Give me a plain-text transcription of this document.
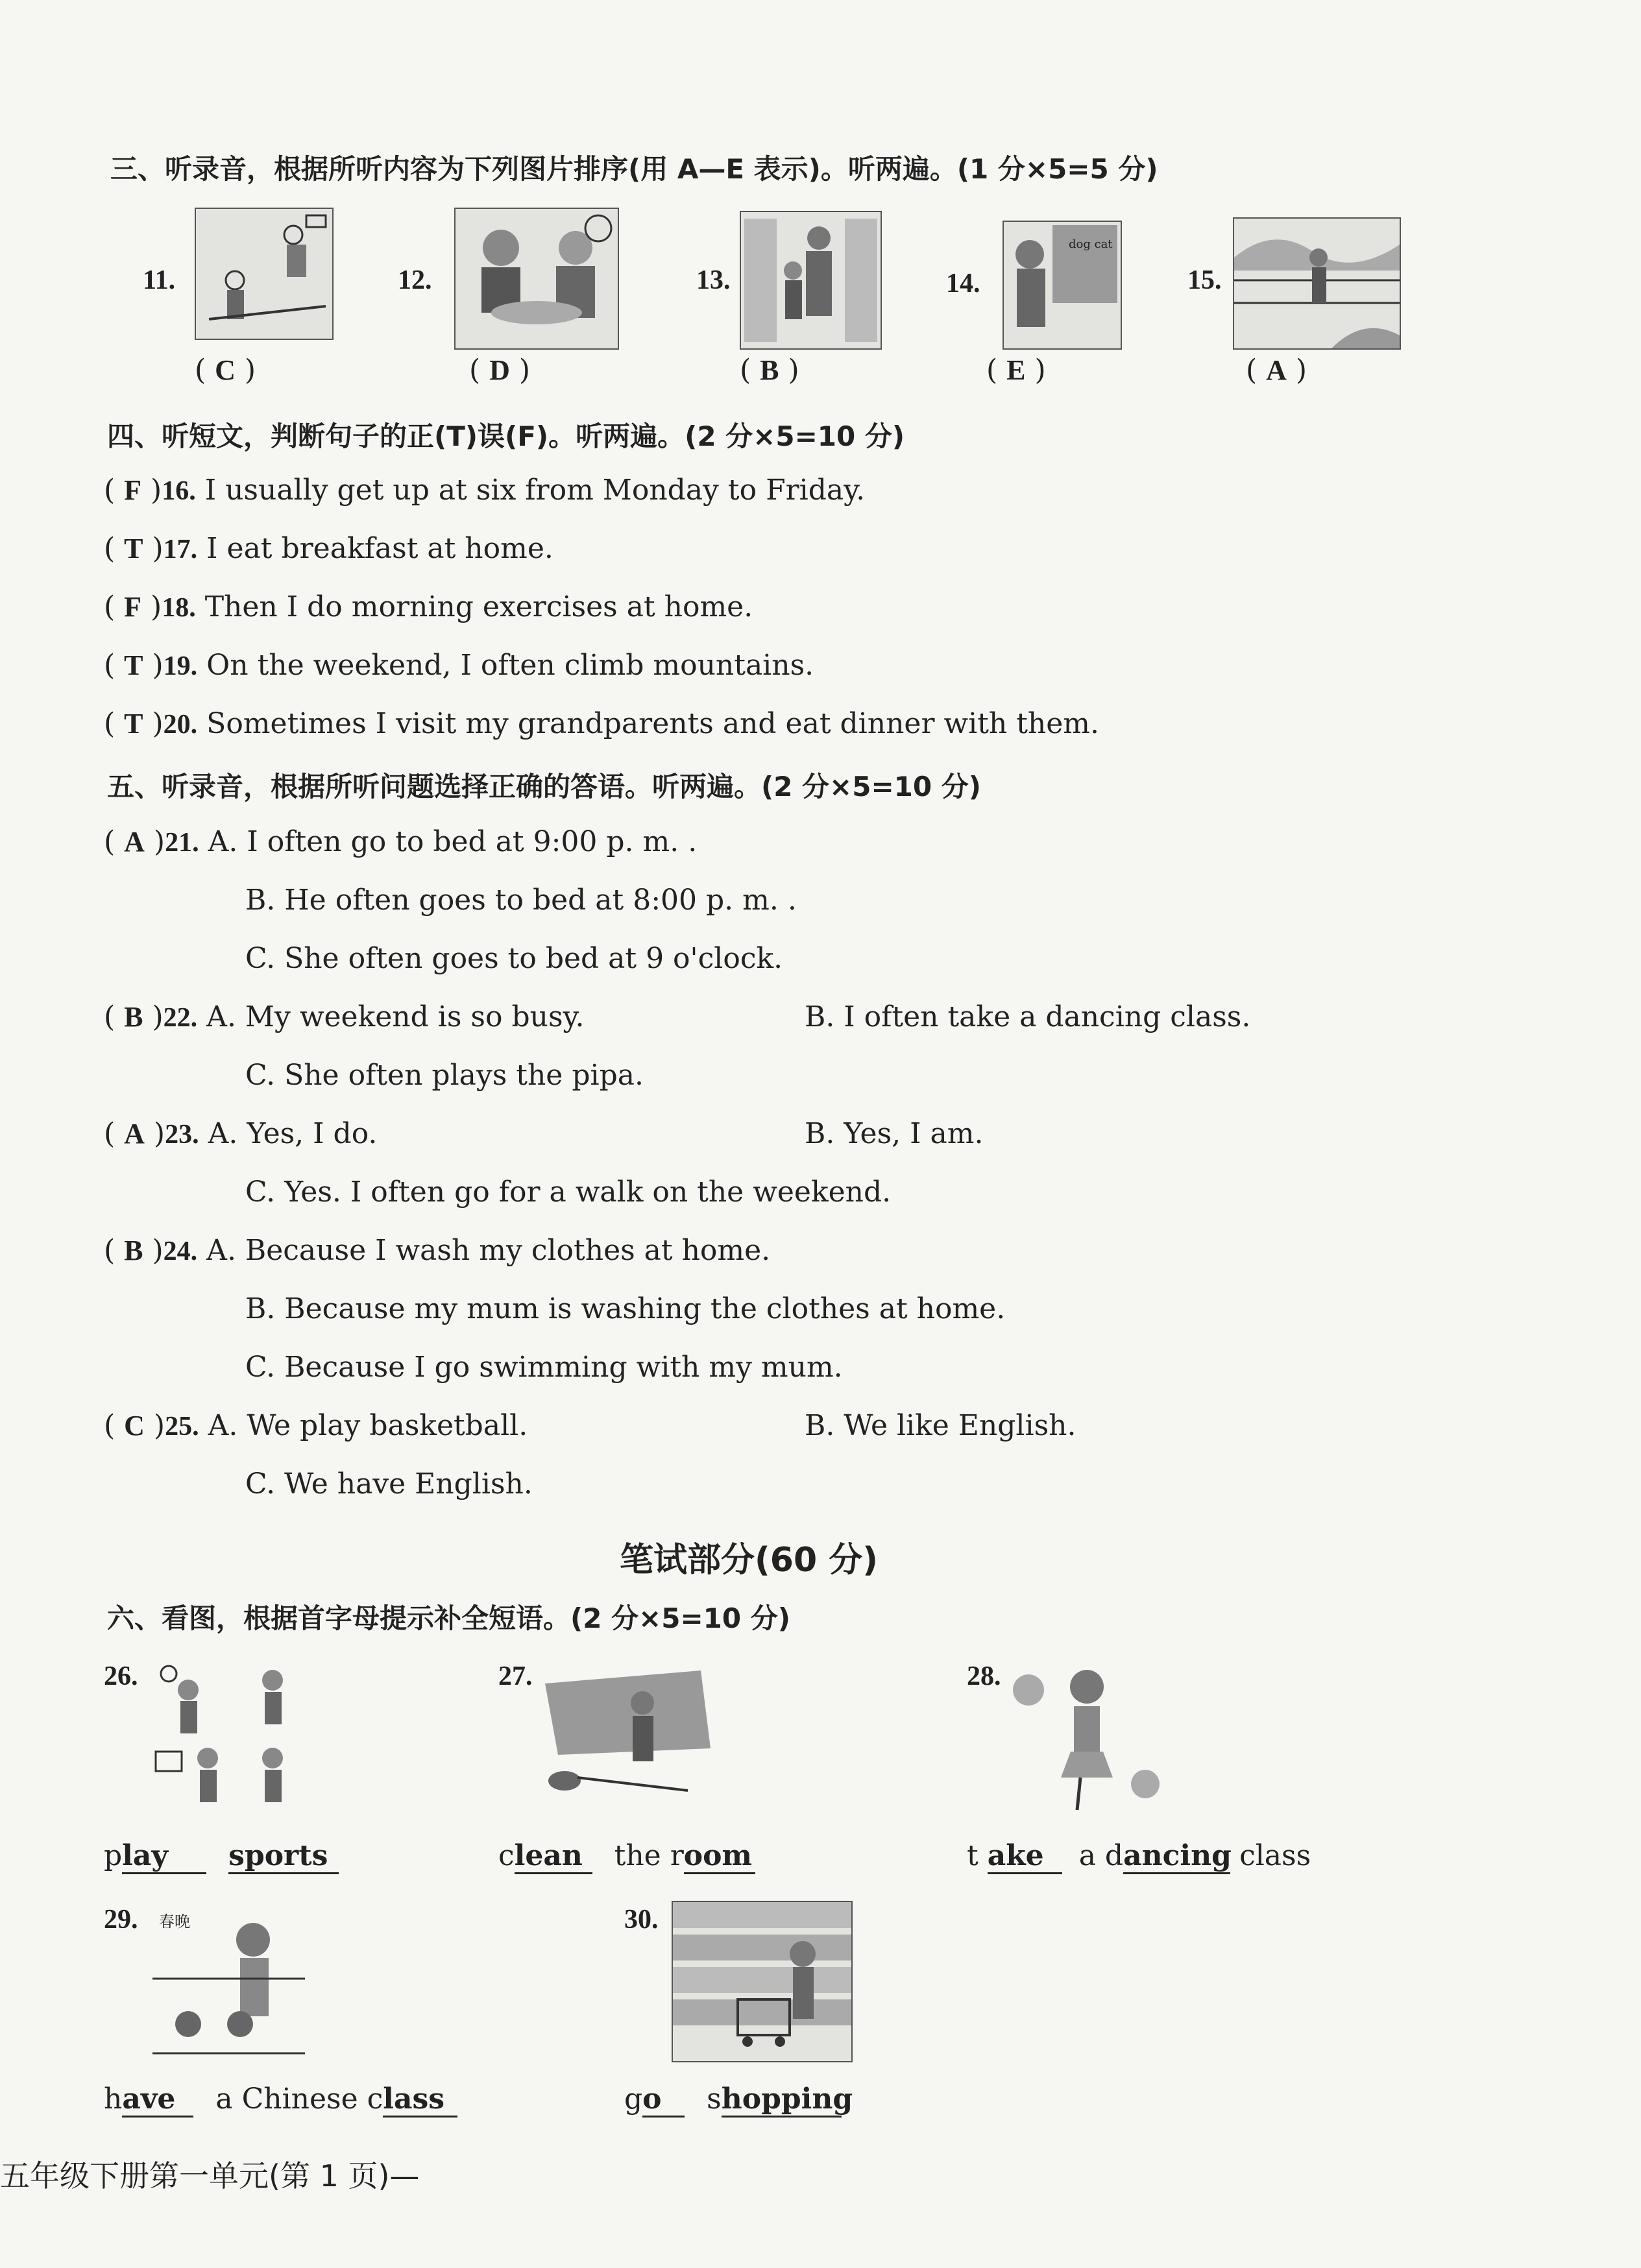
三、听录音，根据所听内容为下列图片排序(用 A—E 表示)。听两遍。(1 分×5=5 分)
11.
( C )
12.
( D )
13.
( B )
14.
dog cat
( E )
15.
( A )
四、听短文，判断句子的正(T)误(F)。听两遍。(2 分×5=10 分)
( F )16. I usually get up at six from Monday to Friday.
( T )17. I eat breakfast at home.
( F )18. Then I do morning exercises at home.
( T )19. On the weekend, I often climb mountains.
( T )20. Sometimes I visit my grandparents and eat dinner with them.
五、听录音，根据所听问题选择正确的答语。听两遍。(2 分×5=10 分)
( A )21. A. I often go to bed at 9:00 p. m. .
B. He often goes to bed at 8:00 p. m. .
C. She often goes to bed at 9 o'clock.
( B )22. A. My weekend is so busy.	B. I often take a dancing class.
C. She often plays the pipa.
( A )23. A. Yes, I do.	B. Yes, I am.
C. Yes. I often go for a walk on the weekend.
( B )24. A. Because I wash my clothes at home.
B. Because my mum is washing the clothes at home.
C. Because I go swimming with my mum.
( C )25. A. We play basketball.	B. We like English.
C. We have English.
笔试部分(60 分)
六、看图，根据首字母提示补全短语。(2 分×5=10 分)
26.
play sports
27.
clean the room
28.
t ake a dancing class
29. 春晚
have a Chinese class
30.
go shopping
五年级下册第一单元(第 1 页)—
